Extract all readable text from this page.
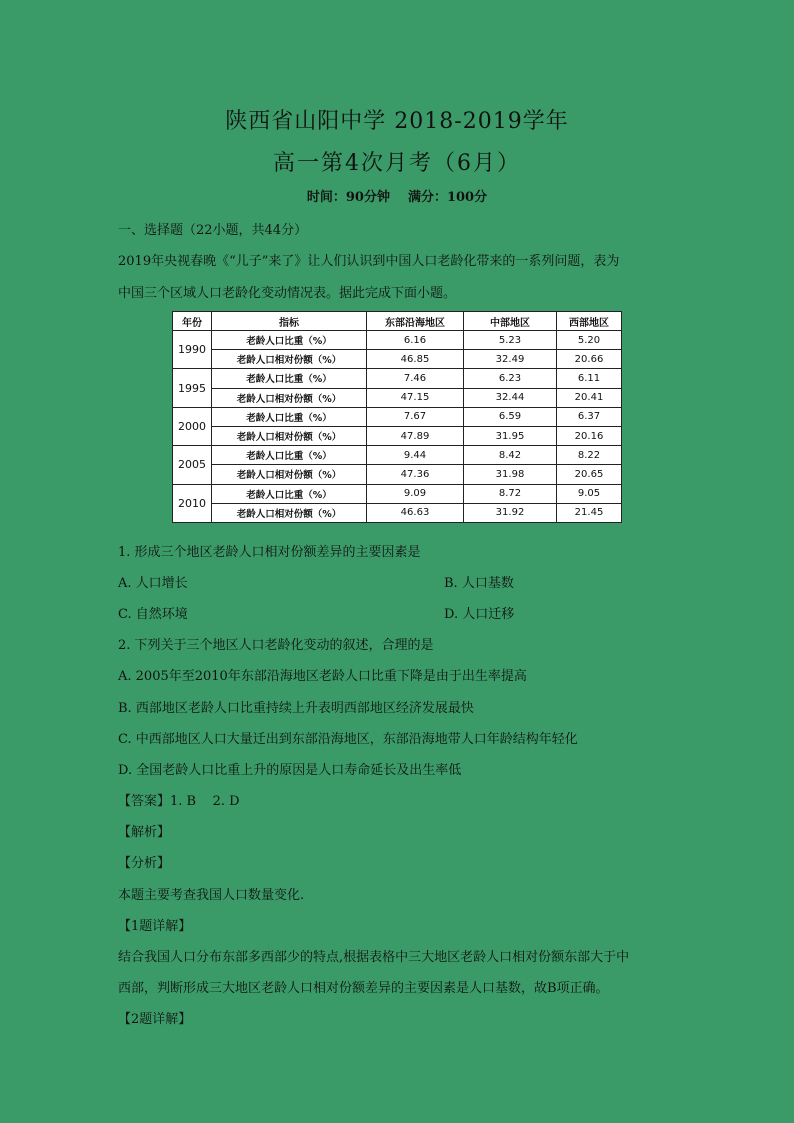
陕西省山阳中学 2018-2019学年
高一第4次月考（6月）
时间：90分钟 满分：100分
一、选择题（22小题，共44分）
2019年央视春晚《“儿子”来了》让人们认识到中国人口老龄化带来的一系列问题，表为
中国三个区域人口老龄化变动情况表。据此完成下面小题。
年份	指标	东部沿海地区	中部地区	西部地区
1990	老龄人口比重（%）	6.16	5.23	5.20
	老龄人口相对份额（%）	46.85	32.49	20.66
1995	老龄人口比重（%）	7.46	6.23	6.11
	老龄人口相对份额（%）	47.15	32.44	20.41
2000	老龄人口比重（%）	7.67	6.59	6.37
	老龄人口相对份额（%）	47.89	31.95	20.16
2005	老龄人口比重（%）	9.44	8.42	8.22
	老龄人口相对份额（%）	47.36	31.98	20.65
2010	老龄人口比重（%）	9.09	8.72	9.05
	老龄人口相对份额（%）	46.63	31.92	21.45
1. 形成三个地区老龄人口相对份额差异的主要因素是
A. 人口增长	B. 人口基数
C. 自然环境	D. 人口迁移
2. 下列关于三个地区人口老龄化变动的叙述，合理的是
A. 2005年至2010年东部沿海地区老龄人口比重下降是由于出生率提高
B. 西部地区老龄人口比重持续上升表明西部地区经济发展最快
C. 中西部地区人口大量迁出到东部沿海地区，东部沿海地带人口年龄结构年轻化
D. 全国老龄人口比重上升的原因是人口寿命延长及出生率低
【答案】1. B    2. D
【解析】
【分析】
本题主要考查我国人口数量变化.
【1题详解】
结合我国人口分布东部多西部少的特点,根据表格中三大地区老龄人口相对份额东部大于中
西部，判断形成三大地区老龄人口相对份额差异的主要因素是人口基数，故B项正确。
【2题详解】
